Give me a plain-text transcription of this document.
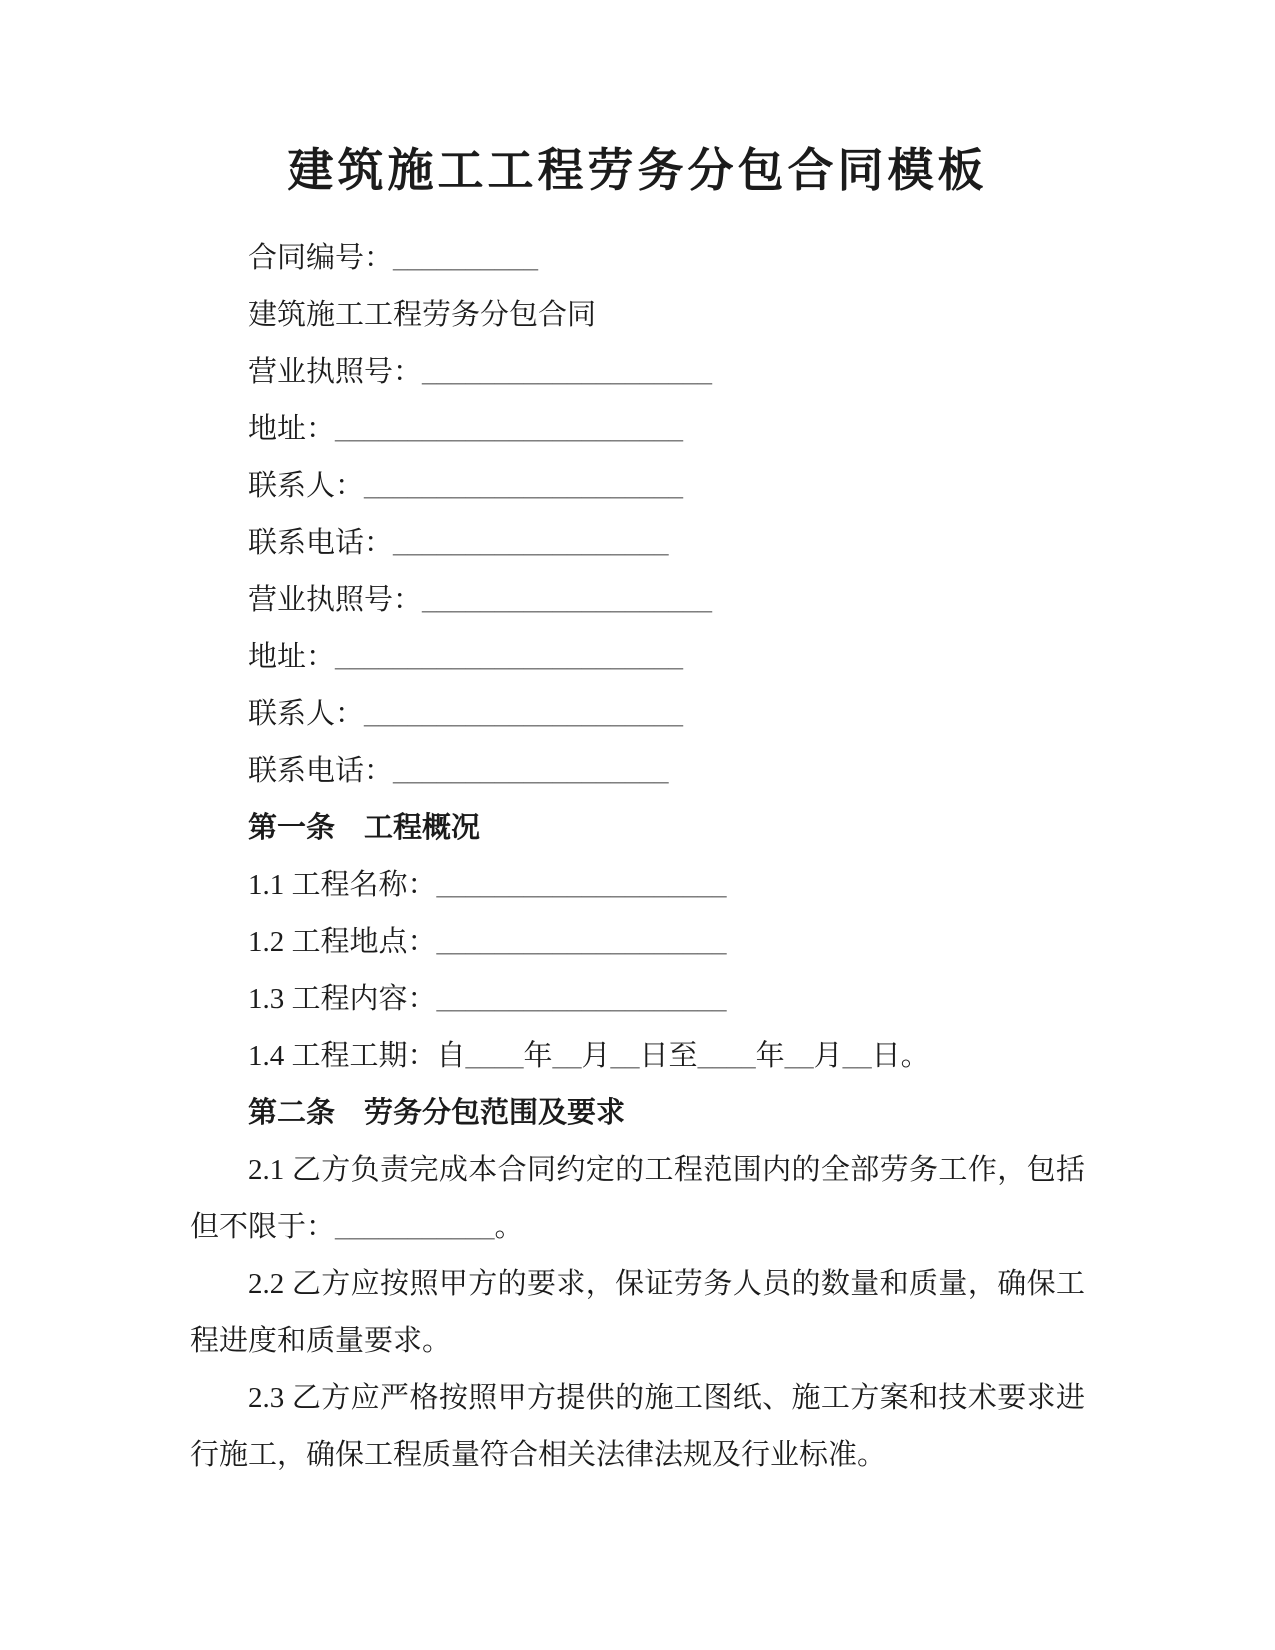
建筑施工工程劳务分包合同模板

合同编号：__________

建筑施工工程劳务分包合同

营业执照号：____________________

地址：________________________

联系人：______________________

联系电话：___________________

营业执照号：____________________

地址：________________________

联系人：______________________

联系电话：___________________

第一条　工程概况

1.1 工程名称：____________________

1.2 工程地点：____________________

1.3 工程内容：____________________

1.4 工程工期：自____年__月__日至____年__月__日。

第二条　劳务分包范围及要求

2.1 乙方负责完成本合同约定的工程范围内的全部劳务工作，包括但不限于：___________。

2.2 乙方应按照甲方的要求，保证劳务人员的数量和质量，确保工程进度和质量要求。

2.3 乙方应严格按照甲方提供的施工图纸、施工方案和技术要求进行施工，确保工程质量符合相关法律法规及行业标准。
